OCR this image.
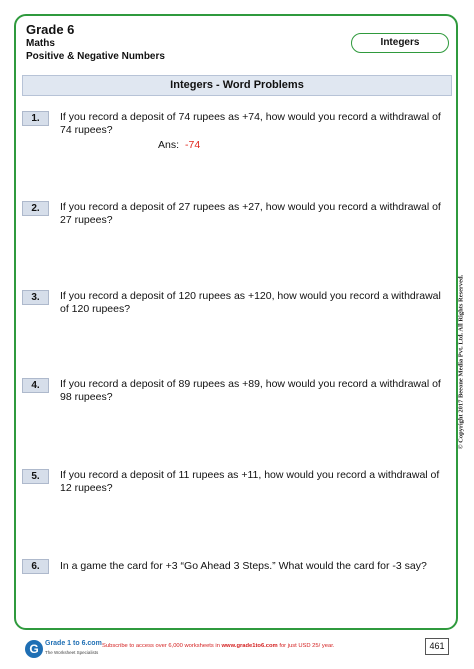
Grade 6
Maths
Positive & Negative Numbers
Integers
Integers - Word Problems
1.	If you record a deposit of 74 rupees as +74, how would you record a withdrawal of 74 rupees?
Ans: -74
2.	If you record a deposit of 27 rupees as +27, how would you record a withdrawal of 27 rupees?
3.	If you record a deposit of 120 rupees as +120, how would you record a withdrawal of 120 rupees?
4.	If you record a deposit of 89 rupees as +89, how would you record a withdrawal of 98 rupees?
5.	If you record a deposit of 11 rupees as +11, how would you record a withdrawal of 12 rupees?
6.	In a game the card for +3 “Go Ahead 3 Steps.” What would the card for -3 say?
© Copyright 2017 Beeone Media Pvt. Ltd. All Rights Reserved.
G Grade 1 to 6.com
The Worksheet Specialists
Subscribe to access over 6,000 worksheets in www.grade1to6.com for just USD 25/ year.	461
